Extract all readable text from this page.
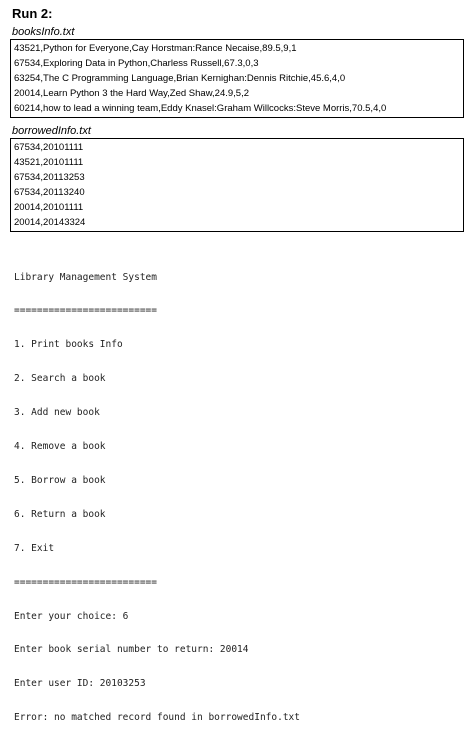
Run 2:
booksInfo.txt
43521,Python for Everyone,Cay Horstman:Rance Necaise,89.5,9,1
67534,Exploring Data in Python,Charless Russell,67.3,0,3
63254,The C Programming Language,Brian Kernighan:Dennis Ritchie,45.6,4,0
20014,Learn Python 3 the Hard Way,Zed Shaw,24.9,5,2
60214,how to lead a winning team,Eddy Knasel:Graham Willcocks:Steve Morris,70.5,4,0
borrowedInfo.txt
67534,20101111
43521,20101111
67534,20113253
67534,20113240
20014,20101111
20014,20143324

Library Management System

=========================

1. Print books Info

2. Search a book

3. Add new book

4. Remove a book

5. Borrow a book

6. Return a book

7. Exit

=========================

Enter your choice: 6

Enter book serial number to return: 20014

Enter user ID: 20103253

Error: no matched record found in borrowedInfo.txt
